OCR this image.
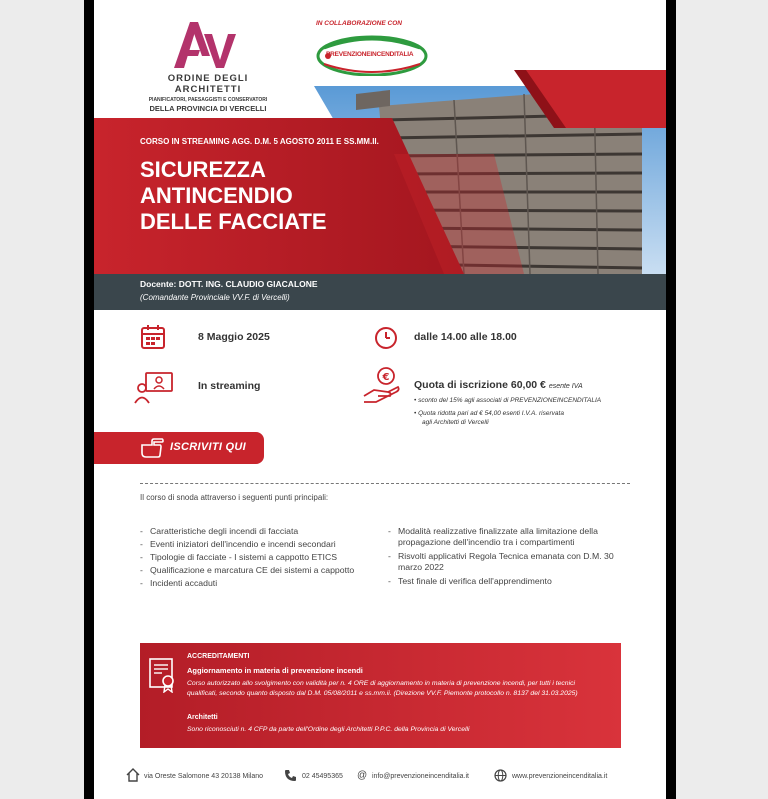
ORDINE DEGLI ARCHITETTI
PIANIFICATORI, PAESAGGISTI E CONSERVATORI
DELLA PROVINCIA DI VERCELLI
IN COLLABORAZIONE CON
PREVENZIONEINCENDITALIA
CORSO IN STREAMING AGG. D.M. 5 AGOSTO 2011 E SS.MM.II.
SICUREZZA
ANTINCENDIO
DELLE FACCIATE
Docente: DOTT. ING. CLAUDIO GIACALONE
(Comandante Provinciale VV.F. di Vercelli)
8 Maggio 2025	dalle 14.00 alle 18.00
In streaming
€
Quota di iscrizione 60,00 € esente IVA
• sconto del 15% agli associati di PREVENZIONEINCENDITALIA
• Quota ridotta pari ad € 54,00 esenti I.V.A. riservata
agli Architetti di Vercelli
ISCRIVITI QUI
Il corso di snoda attraverso i seguenti punti principali:
- Caratteristiche degli incendi di facciata
- Eventi iniziatori dell'incendio e incendi secondari
- Tipologie di facciate - I sistemi a cappotto ETICS
- Qualificazione e marcatura CE dei sistemi a cappotto
- Incidenti accaduti
- Modalità realizzative finalizzate alla limitazione della propagazione dell'incendio tra i compartimenti
- Risvolti applicativi Regola Tecnica emanata con D.M. 30 marzo 2022
- Test finale di verifica dell'apprendimento
ACCREDITAMENTI
Aggiornamento in materia di prevenzione incendi
Corso autorizzato allo svolgimento con validità per n. 4 ORE di aggiornamento in materia di prevenzione incendi, per tutti i tecnici qualificati, secondo quanto disposto dal D.M. 05/08/2011 e ss.mm.ii. (Direzione VV.F. Piemonte protocollo n. 8137 del 31.03.2025)
Architetti
Sono riconosciuti n. 4 CFP da parte dell'Ordine degli Architetti P.P.C. della Provincia di Vercelli
via Oreste Salomone 43 20138 Milano	02 45495365 @ info@prevenzioneincenditalia.it	www.prevenzioneincenditalia.it
